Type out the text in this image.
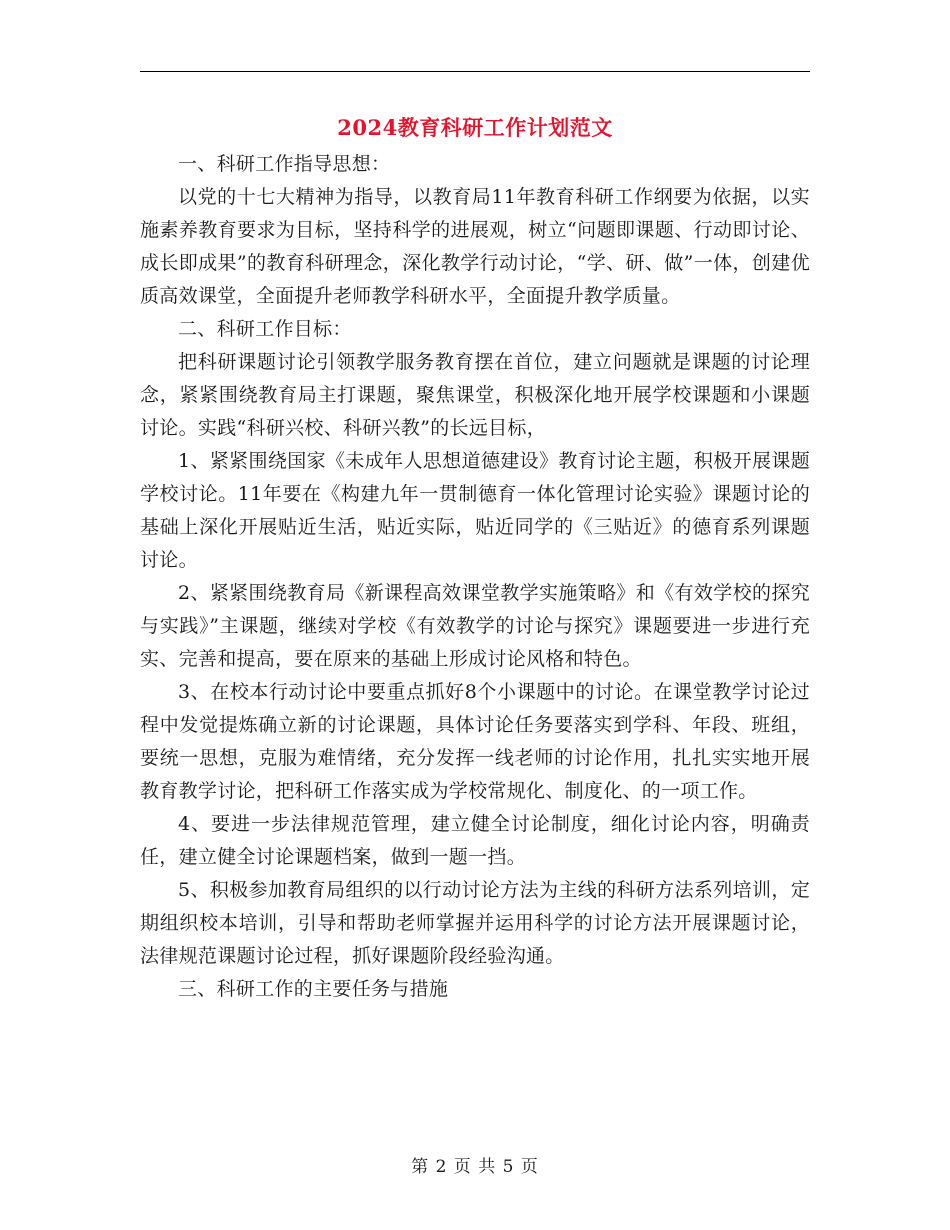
2024教育科研工作计划范文

一、科研工作指导思想：

以党的十七大精神为指导，以教育局11年教育科研工作纲要为依据，以实施素养教育要求为目标，坚持科学的进展观，树立“问题即课题、行动即讨论、成长即成果”的教育科研理念，深化教学行动讨论，“学、研、做”一体，创建优质高效课堂，全面提升老师教学科研水平，全面提升教学质量。

二、科研工作目标：

把科研课题讨论引领教学服务教育摆在首位，建立问题就是课题的讨论理念，紧紧围绕教育局主打课题，聚焦课堂，积极深化地开展学校课题和小课题讨论。实践“科研兴校、科研兴教”的长远目标，

1、紧紧围绕国家《未成年人思想道德建设》教育讨论主题，积极开展课题学校讨论。11年要在《构建九年一贯制德育一体化管理讨论实验》课题讨论的基础上深化开展贴近生活，贴近实际，贴近同学的《三贴近》的德育系列课题讨论。

2、紧紧围绕教育局《新课程高效课堂教学实施策略》和《有效学校的探究与实践》”主课题，继续对学校《有效教学的讨论与探究》课题要进一步进行充实、完善和提高，要在原来的基础上形成讨论风格和特色。

3、在校本行动讨论中要重点抓好8个小课题中的讨论。在课堂教学讨论过程中发觉提炼确立新的讨论课题，具体讨论任务要落实到学科、年段、班组，要统一思想，克服为难情绪，充分发挥一线老师的讨论作用，扎扎实实地开展教育教学讨论，把科研工作落实成为学校常规化、制度化、的一项工作。

4、要进一步法律规范管理，建立健全讨论制度，细化讨论内容，明确责任，建立健全讨论课题档案，做到一题一挡。

5、积极参加教育局组织的以行动讨论方法为主线的科研方法系列培训，定期组织校本培训，引导和帮助老师掌握并运用科学的讨论方法开展课题讨论，法律规范课题讨论过程，抓好课题阶段经验沟通。

三、科研工作的主要任务与措施

第 2 页 共 5 页
